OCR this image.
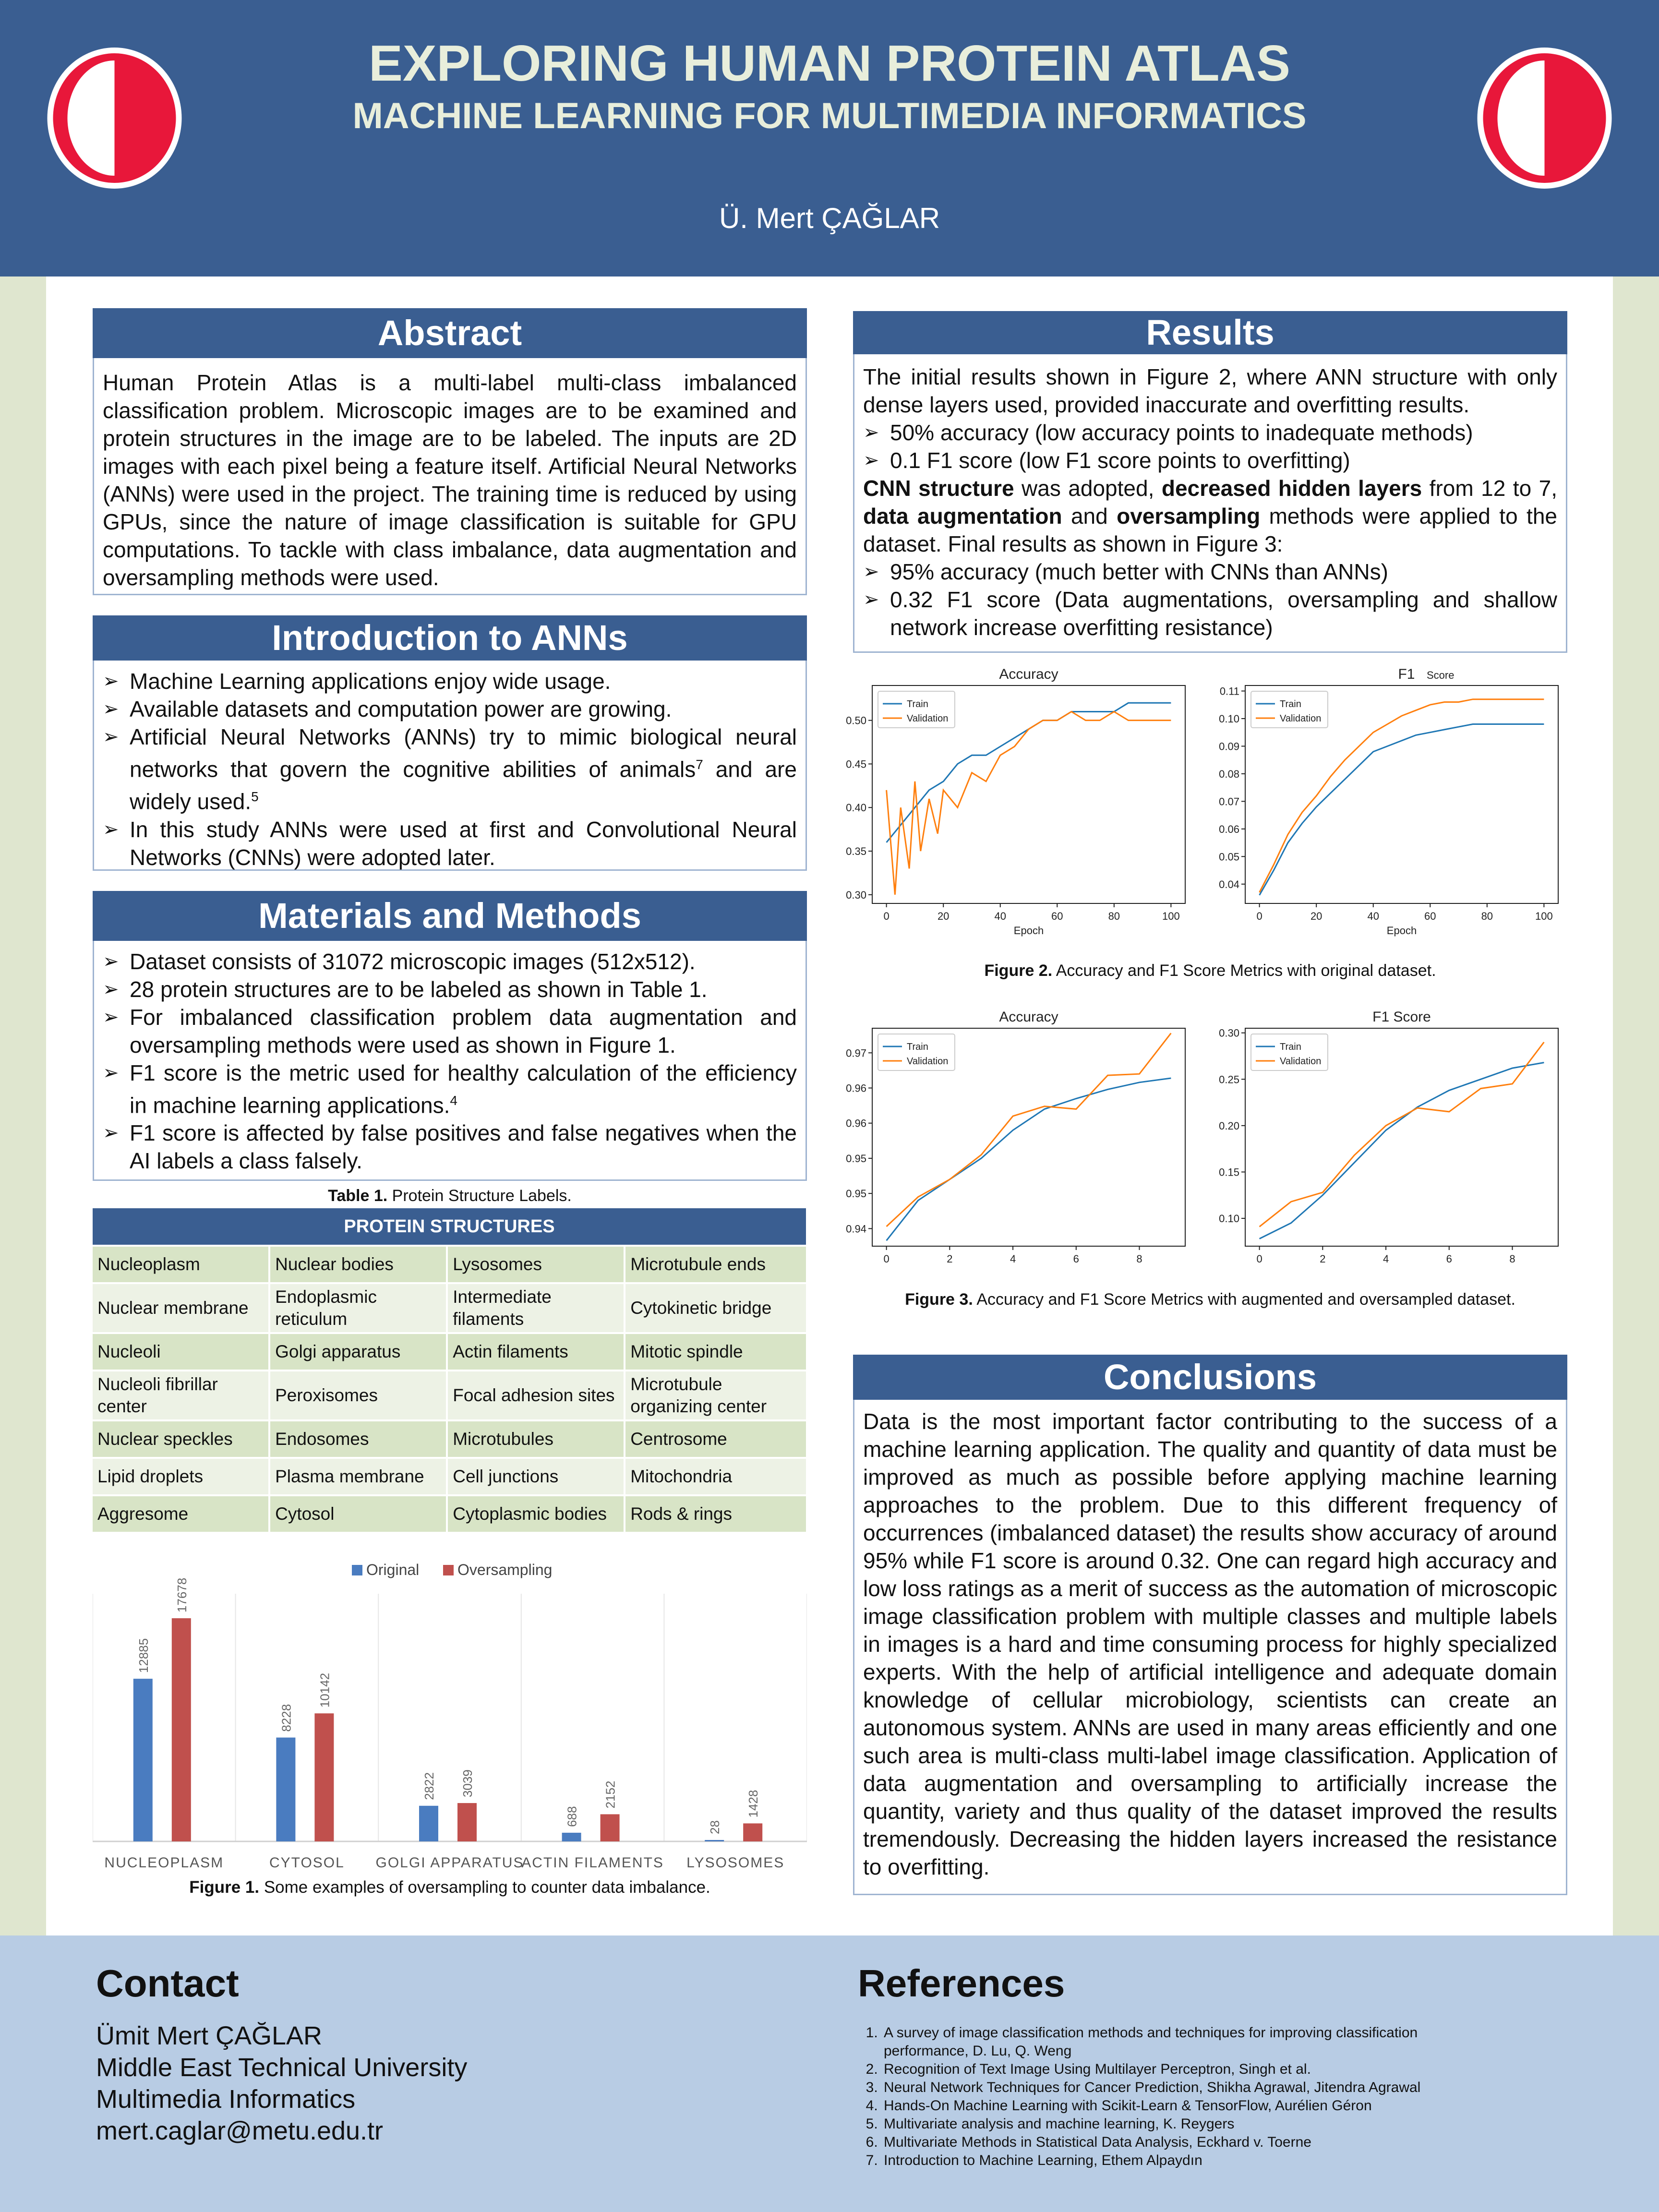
EXPLORING HUMAN PROTEIN ATLAS
MACHINE LEARNING FOR MULTIMEDIA INFORMATICS
Ü. Mert ÇAĞLAR
Abstract
Human Protein Atlas is a multi-label multi-class imbalanced classification problem. Microscopic images are to be examined and protein structures in the image are to be labeled. The inputs are 2D images with each pixel being a feature itself. Artificial Neural Networks (ANNs) were used in the project. The training time is reduced by using GPUs, since the nature of image classification is suitable for GPU computations. To tackle with class imbalance, data augmentation and oversampling methods were used.
Introduction to ANNs
➢ Machine Learning applications enjoy wide usage.
➢ Available datasets and computation power are growing.
➢ Artificial Neural Networks (ANNs) try to mimic biological neural networks that govern the cognitive abilities of animals$^7$ and are widely used.$^5$
➢ In this study ANNs were used at first and Convolutional Neural Networks (CNNs) were adopted later.
Materials and Methods
➢ Dataset consists of 31072 microscopic images (512x512).
➢ 28 protein structures are to be labeled as shown in Table 1.
➢ For imbalanced classification problem data augmentation and oversampling methods were used as shown in Figure 1.
➢ F1 score is the metric used for healthy calculation of the efficiency in machine learning applications.$^4$
➢ F1 score is affected by false positives and false negatives when the AI labels a class falsely.
Table 1. Protein Structure Labels.
PROTEIN STRUCTURES			
Nucleoplasm	Nuclear bodies	Lysosomes	Microtubule ends
Nuclear membrane	Endoplasmic reticulum	Intermediate filaments	Cytokinetic bridge
Nucleoli	Golgi apparatus	Actin filaments	Mitotic spindle
Nucleoli fibrillar center	Peroxisomes	Focal adhesion sites	Microtubule organizing center
Nuclear speckles	Endosomes	Microtubules	Centrosome
Lipid droplets	Plasma membrane	Cell junctions	Mitochondria
Aggresome	Cytosol	Cytoplasmic bodies	Rods & rings
Original Oversampling
12885
17678
NUCLEOPLASM
8228
10142
CYTOSOL
2822 3039
GOLGI APPARATUS
688
2152
ACTIN FILAMENTS
28
1428
LYSOSOMES
Figure 1. Some examples of oversampling to counter data imbalance.
Results
The initial results shown in Figure 2, where ANN structure with only dense layers used, provided inaccurate and overfitting results.
➢ 50% accuracy (low accuracy points to inadequate methods)
➢ 0.1 F1 score (low F1 score points to overfitting)
CNN structure was adopted, decreased hidden layers from 12 to 7, data augmentation and oversampling methods were applied to the dataset. Final results as shown in Figure 3:
➢ 95% accuracy (much better with CNNs than ANNs)
➢ 0.32 F1 score (Data augmentations, oversampling and shallow network increase overfitting resistance)
Accuracy
0	20	40	60	80	100
0.30
0.35
0.40
0.45
0.50
Epoch
Train
Validation
F1 Score
0	20	40	60	80	100
0.04
0.05
0.06
0.07
0.08
0.09
0.10
0.11
Epoch
Train
Validation
Figure 2. Accuracy and F1 Score Metrics with original dataset.
Accuracy
0	2	4	6	8
0.94
0.95
0.95
0.96
0.96
0.97
Train
Validation
F1 Score
0	2	4	6	8
0.10
0.15
0.20
0.25
0.30
Train
Validation
Figure 3. Accuracy and F1 Score Metrics with augmented and oversampled dataset.
Conclusions
Data is the most important factor contributing to the success of a machine learning application. The quality and quantity of data must be improved as much as possible before applying machine learning approaches to the problem. Due to this different frequency of occurrences (imbalanced dataset) the results show accuracy of around 95% while F1 score is around 0.32. One can regard high accuracy and low loss ratings as a merit of success as the automation of microscopic image classification problem with multiple classes and multiple labels in images is a hard and time consuming process for highly specialized experts. With the help of artificial intelligence and adequate domain knowledge of cellular microbiology, scientists can create an autonomous system. ANNs are used in many areas efficiently and one such area is multi-class multi-label image classification. Application of data augmentation and oversampling to artificially increase the quantity, variety and thus quality of the dataset improved the results tremendously. Decreasing the hidden layers increased the resistance to overfitting.
Contact
Ümit Mert ÇAĞLAR
Middle East Technical University
Multimedia Informatics
mert.caglar@metu.edu.tr
References
1. A survey of image classification methods and techniques for improving classification performance, D. Lu, Q. Weng
2. Recognition of Text Image Using Multilayer Perceptron, Singh et al.
3. Neural Network Techniques for Cancer Prediction, Shikha Agrawal, Jitendra Agrawal
4. Hands-On Machine Learning with Scikit-Learn & TensorFlow, Aurélien Géron
5. Multivariate analysis and machine learning, K. Reygers
6. Multivariate Methods in Statistical Data Analysis, Eckhard v. Toerne
7. Introduction to Machine Learning, Ethem Alpaydın
